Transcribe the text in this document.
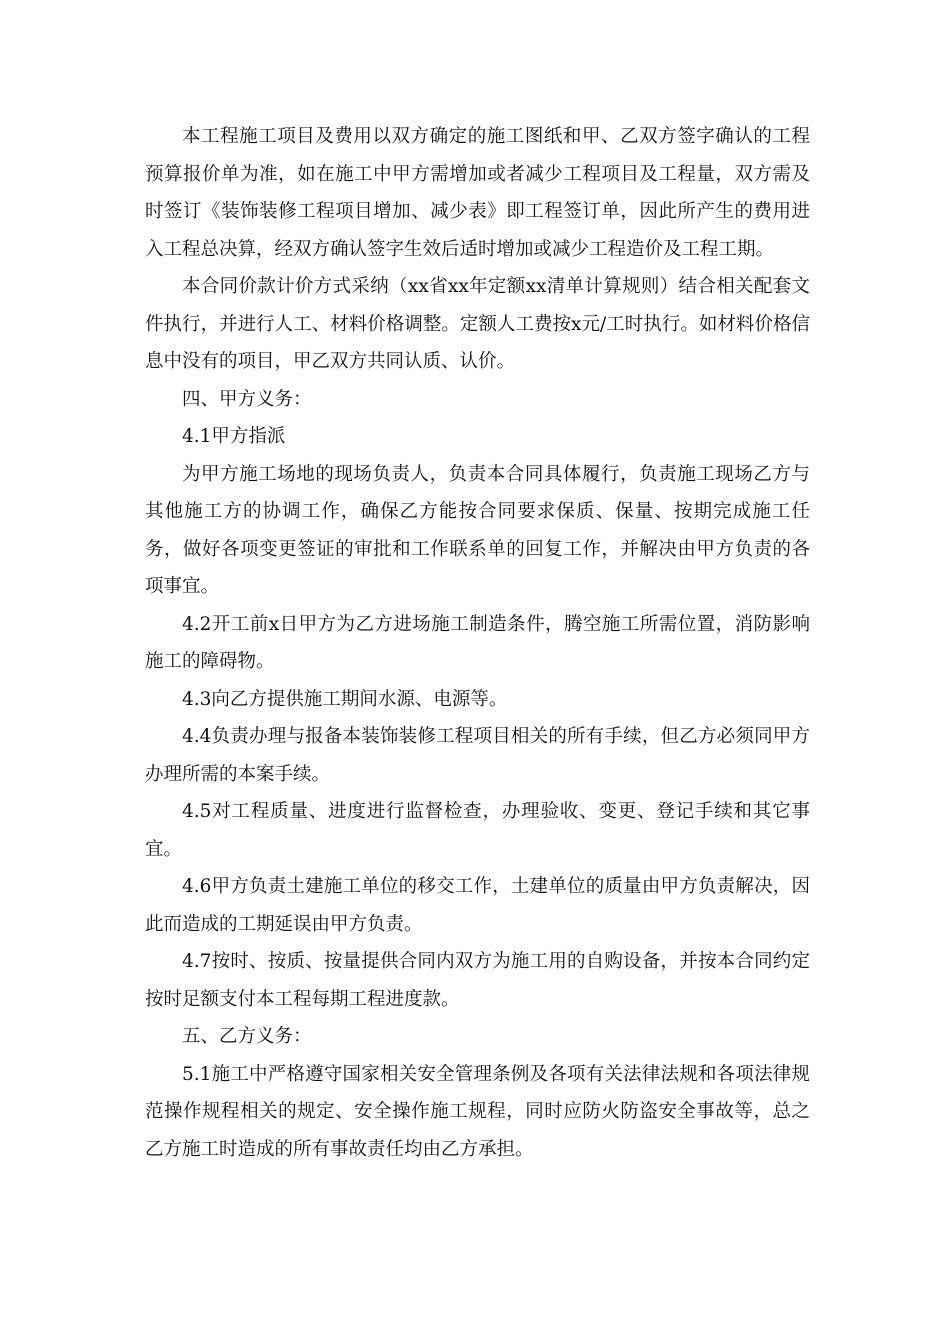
本工程施工项目及费用以双方确定的施工图纸和甲、乙双方签字确认的工程预算报价单为准，如在施工中甲方需增加或者减少工程项目及工程量，双方需及时签订《装饰装修工程项目增加、减少表》即工程签订单，因此所产生的费用进入工程总决算，经双方确认签字生效后适时增加或减少工程造价及工程工期。

本合同价款计价方式采纳（xx省xx年定额xx清单计算规则）结合相关配套文件执行，并进行人工、材料价格调整。定额人工费按x元/工时执行。如材料价格信息中没有的项目，甲乙双方共同认质、认价。

四、甲方义务：

4.1甲方指派

为甲方施工场地的现场负责人，负责本合同具体履行，负责施工现场乙方与其他施工方的协调工作，确保乙方能按合同要求保质、保量、按期完成施工任务，做好各项变更签证的审批和工作联系单的回复工作，并解决由甲方负责的各项事宜。

4.2开工前x日甲方为乙方进场施工制造条件，腾空施工所需位置，消防影响施工的障碍物。

4.3向乙方提供施工期间水源、电源等。

4.4负责办理与报备本装饰装修工程项目相关的所有手续，但乙方必须同甲方办理所需的本案手续。

4.5对工程质量、进度进行监督检查，办理验收、变更、登记手续和其它事宜。

4.6甲方负责土建施工单位的移交工作，土建单位的质量由甲方负责解决，因此而造成的工期延误由甲方负责。

4.7按时、按质、按量提供合同内双方为施工用的自购设备，并按本合同约定按时足额支付本工程每期工程进度款。

五、乙方义务：

5.1施工中严格遵守国家相关安全管理条例及各项有关法律法规和各项法律规范操作规程相关的规定、安全操作施工规程，同时应防火防盗安全事故等，总之乙方施工时造成的所有事故责任均由乙方承担。
